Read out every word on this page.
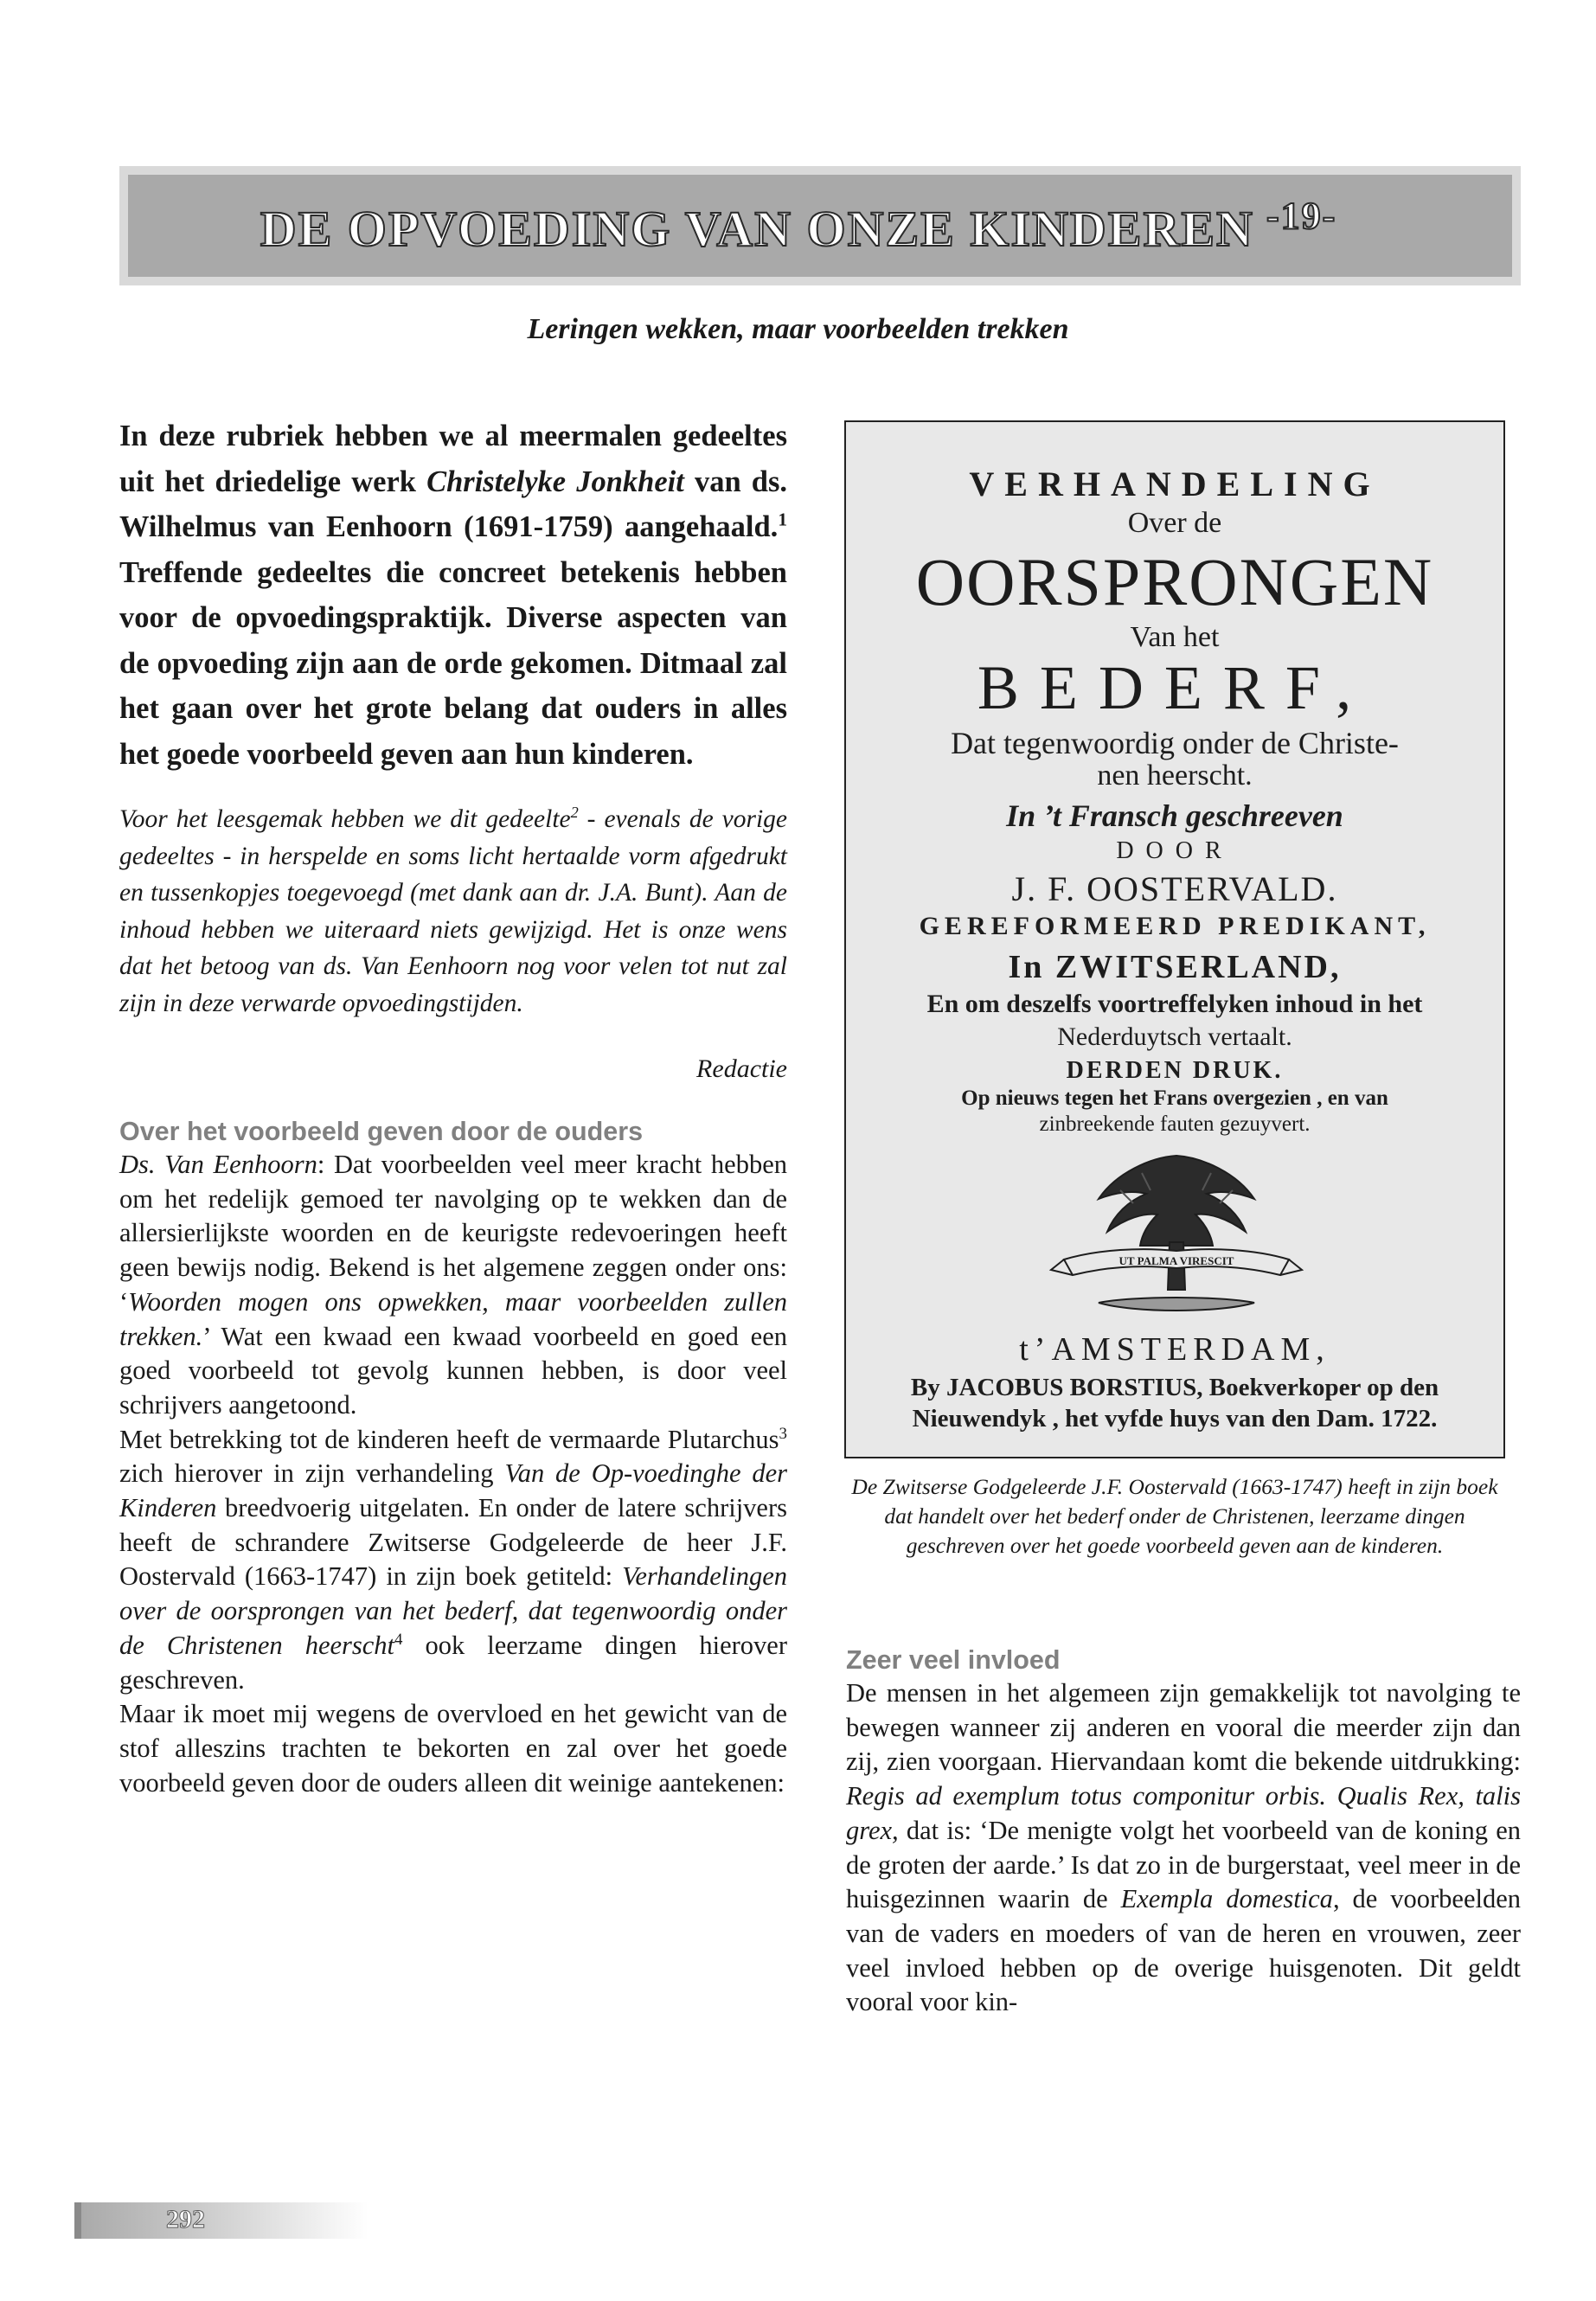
DE OPVOEDING VAN ONZE KINDEREN $^{-19-}$
Leringen wekken, maar voorbeelden trekken

In deze rubriek hebben we al meermalen gedeeltes uit het driedelige werk Christelyke Jonkheit van ds. Wilhelmus van Eenhoorn (1691-1759) aangehaald.$^1$ Treffende gedeeltes die concreet betekenis hebben voor de opvoedingspraktijk. Diverse aspecten van de opvoeding zijn aan de orde gekomen. Ditmaal zal het gaan over het grote belang dat ouders in alles het goede voorbeeld geven aan hun kinderen.

Voor het leesgemak hebben we dit gedeelte$^2$ - evenals de vorige gedeeltes - in herspelde en soms licht hertaalde vorm afgedrukt en tussenkopjes toegevoegd (met dank aan dr. J.A. Bunt). Aan de inhoud hebben we uiteraard niets gewijzigd. Het is onze wens dat het betoog van ds. Van Eenhoorn nog voor velen tot nut zal zijn in deze verwarde opvoedingstijden.

Redactie
Over het voorbeeld geven door de ouders

Ds. Van Eenhoorn: Dat voorbeelden veel meer kracht hebben om het redelijk gemoed ter navolging op te wekken dan de allersierlijkste woorden en de keurigste redevoeringen heeft geen bewijs nodig. Bekend is het algemene zeggen onder ons: ‘Woorden mogen ons opwekken, maar voorbeelden zullen trekken.’ Wat een kwaad een kwaad voorbeeld en goed een goed voorbeeld tot gevolg kunnen hebben, is door veel schrijvers aangetoond.

Met betrekking tot de kinderen heeft de vermaarde Plutarchus$^3$ zich hierover in zijn verhandeling Van de Op-voedinghe der Kinderen breedvoerig uitgelaten. En onder de latere schrijvers heeft de schrandere Zwitserse Godgeleerde de heer J.F. Oostervald (1663-1747) in zijn boek getiteld: Verhandelingen over de oorsprongen van het bederf, dat tegenwoordig onder de Christenen heerscht$^4$ ook leerzame dingen hierover geschreven.

Maar ik moet mij wegens de overvloed en het gewicht van de stof alleszins trachten te bekorten en zal over het goede voorbeeld geven door de ouders alleen dit weinige aantekenen:

VERHANDELING
Over de
OORSPRONGEN
Van het
BEDERF,
Dat tegenwoordig onder de Christe-
nen heerscht.
In ’t Fransch geschreeven
DOOR
J. F. OOSTERVALD.
GEREFORMEERD PREDIKANT,
In ZWITSERLAND,
En om deszelfs voortreffelyken inhoud in het
Nederduytsch vertaalt.
DERDEN DRUK.
Op nieuws tegen het Frans overgezien , en van
zinbreekende fauten gezuyvert.
UT PALMA VIRESCIT
t’AMSTERDAM,
By JACOBUS BORSTIUS, Boekverkoper op den
Nieuwendyk , het vyfde huys van den Dam. 1722.
De Zwitserse Godgeleerde J.F. Oostervald (1663-1747) heeft in zijn boek dat handelt over het bederf onder de Christenen, leerzame dingen geschreven over het goede voorbeeld geven aan de kinderen.
Zeer veel invloed

De mensen in het algemeen zijn gemakkelijk tot navolging te bewegen wanneer zij anderen en vooral die meerder zijn dan zij, zien voorgaan. Hiervandaan komt die bekende uitdrukking: Regis ad exemplum totus componitur orbis. Qualis Rex, talis grex, dat is: ‘De menigte volgt het voorbeeld van de koning en de groten der aarde.’ Is dat zo in de burgerstaat, veel meer in de huisgezinnen waarin de Exempla domestica, de voorbeelden van de vaders en moeders of van de heren en vrouwen, zeer veel invloed hebben op de overige huisgenoten. Dit geldt vooral voor kin-

292
